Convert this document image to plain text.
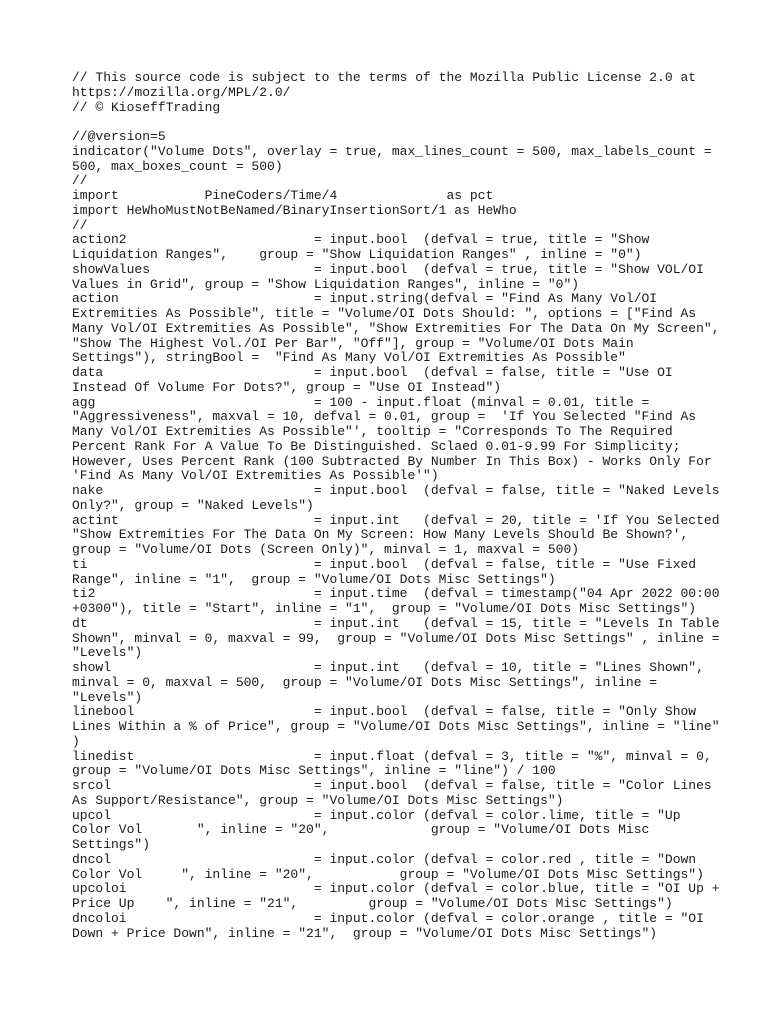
// This source code is subject to the terms of the Mozilla Public License 2.0 at
https://mozilla.org/MPL/2.0/
// © KioseffTrading
//@version=5
indicator("Volume Dots", overlay = true, max_lines_count = 500, max_labels_count =
500, max_boxes_count = 500)
//
import           PineCoders/Time/4              as pct
import HeWhoMustNotBeNamed/BinaryInsertionSort/1 as HeWho
//
action2                        = input.bool  (defval = true, title = "Show
Liquidation Ranges",    group = "Show Liquidation Ranges" , inline = "0")
showValues                     = input.bool  (defval = true, title = "Show VOL/OI
Values in Grid", group = "Show Liquidation Ranges", inline = "0")
action                         = input.string(defval = "Find As Many Vol/OI
Extremities As Possible", title = "Volume/OI Dots Should: ", options = ["Find As
Many Vol/OI Extremities As Possible", "Show Extremities For The Data On My Screen",
"Show The Highest Vol./OI Per Bar", "Off"], group = "Volume/OI Dots Main
Settings"), stringBool =  "Find As Many Vol/OI Extremities As Possible"
data                           = input.bool  (defval = false, title = "Use OI
Instead Of Volume For Dots?", group = "Use OI Instead")
agg                            = 100 - input.float (minval = 0.01, title =
"Aggressiveness", maxval = 10, defval = 0.01, group =  'If You Selected "Find As
Many Vol/OI Extremities As Possible"', tooltip = "Corresponds To The Required
Percent Rank For A Value To Be Distinguished. Sclaed 0.01-9.99 For Simplicity;
However, Uses Percent Rank (100 Subtracted By Number In This Box) - Works Only For
'Find As Many Vol/OI Extremities As Possible'")
nake                           = input.bool  (defval = false, title = "Naked Levels
Only?", group = "Naked Levels")
actint                         = input.int   (defval = 20, title = 'If You Selected
"Show Extremities For The Data On My Screen: How Many Levels Should Be Shown?',
group = "Volume/OI Dots (Screen Only)", minval = 1, maxval = 500)
ti                             = input.bool  (defval = false, title = "Use Fixed
Range", inline = "1",  group = "Volume/OI Dots Misc Settings")
ti2                            = input.time  (defval = timestamp("04 Apr 2022 00:00
+0300"), title = "Start", inline = "1",  group = "Volume/OI Dots Misc Settings")
dt                             = input.int   (defval = 15, title = "Levels In Table
Shown", minval = 0, maxval = 99,  group = "Volume/OI Dots Misc Settings" , inline =
"Levels")
showl                          = input.int   (defval = 10, title = "Lines Shown",
minval = 0, maxval = 500,  group = "Volume/OI Dots Misc Settings", inline =
"Levels")
linebool                       = input.bool  (defval = false, title = "Only Show
Lines Within a % of Price", group = "Volume/OI Dots Misc Settings", inline = "line"
)
linedist                       = input.float (defval = 3, title = "%", minval = 0,
group = "Volume/OI Dots Misc Settings", inline = "line") / 100
srcol                          = input.bool  (defval = false, title = "Color Lines
As Support/Resistance", group = "Volume/OI Dots Misc Settings")
upcol                          = input.color (defval = color.lime, title = "Up
Color Vol       ", inline = "20",             group = "Volume/OI Dots Misc
Settings")
dncol                          = input.color (defval = color.red , title = "Down
Color Vol     ", inline = "20",           group = "Volume/OI Dots Misc Settings")
upcoloi                        = input.color (defval = color.blue, title = "OI Up +
Price Up    ", inline = "21",         group = "Volume/OI Dots Misc Settings")
dncoloi                        = input.color (defval = color.orange , title = "OI
Down + Price Down", inline = "21",  group = "Volume/OI Dots Misc Settings")
